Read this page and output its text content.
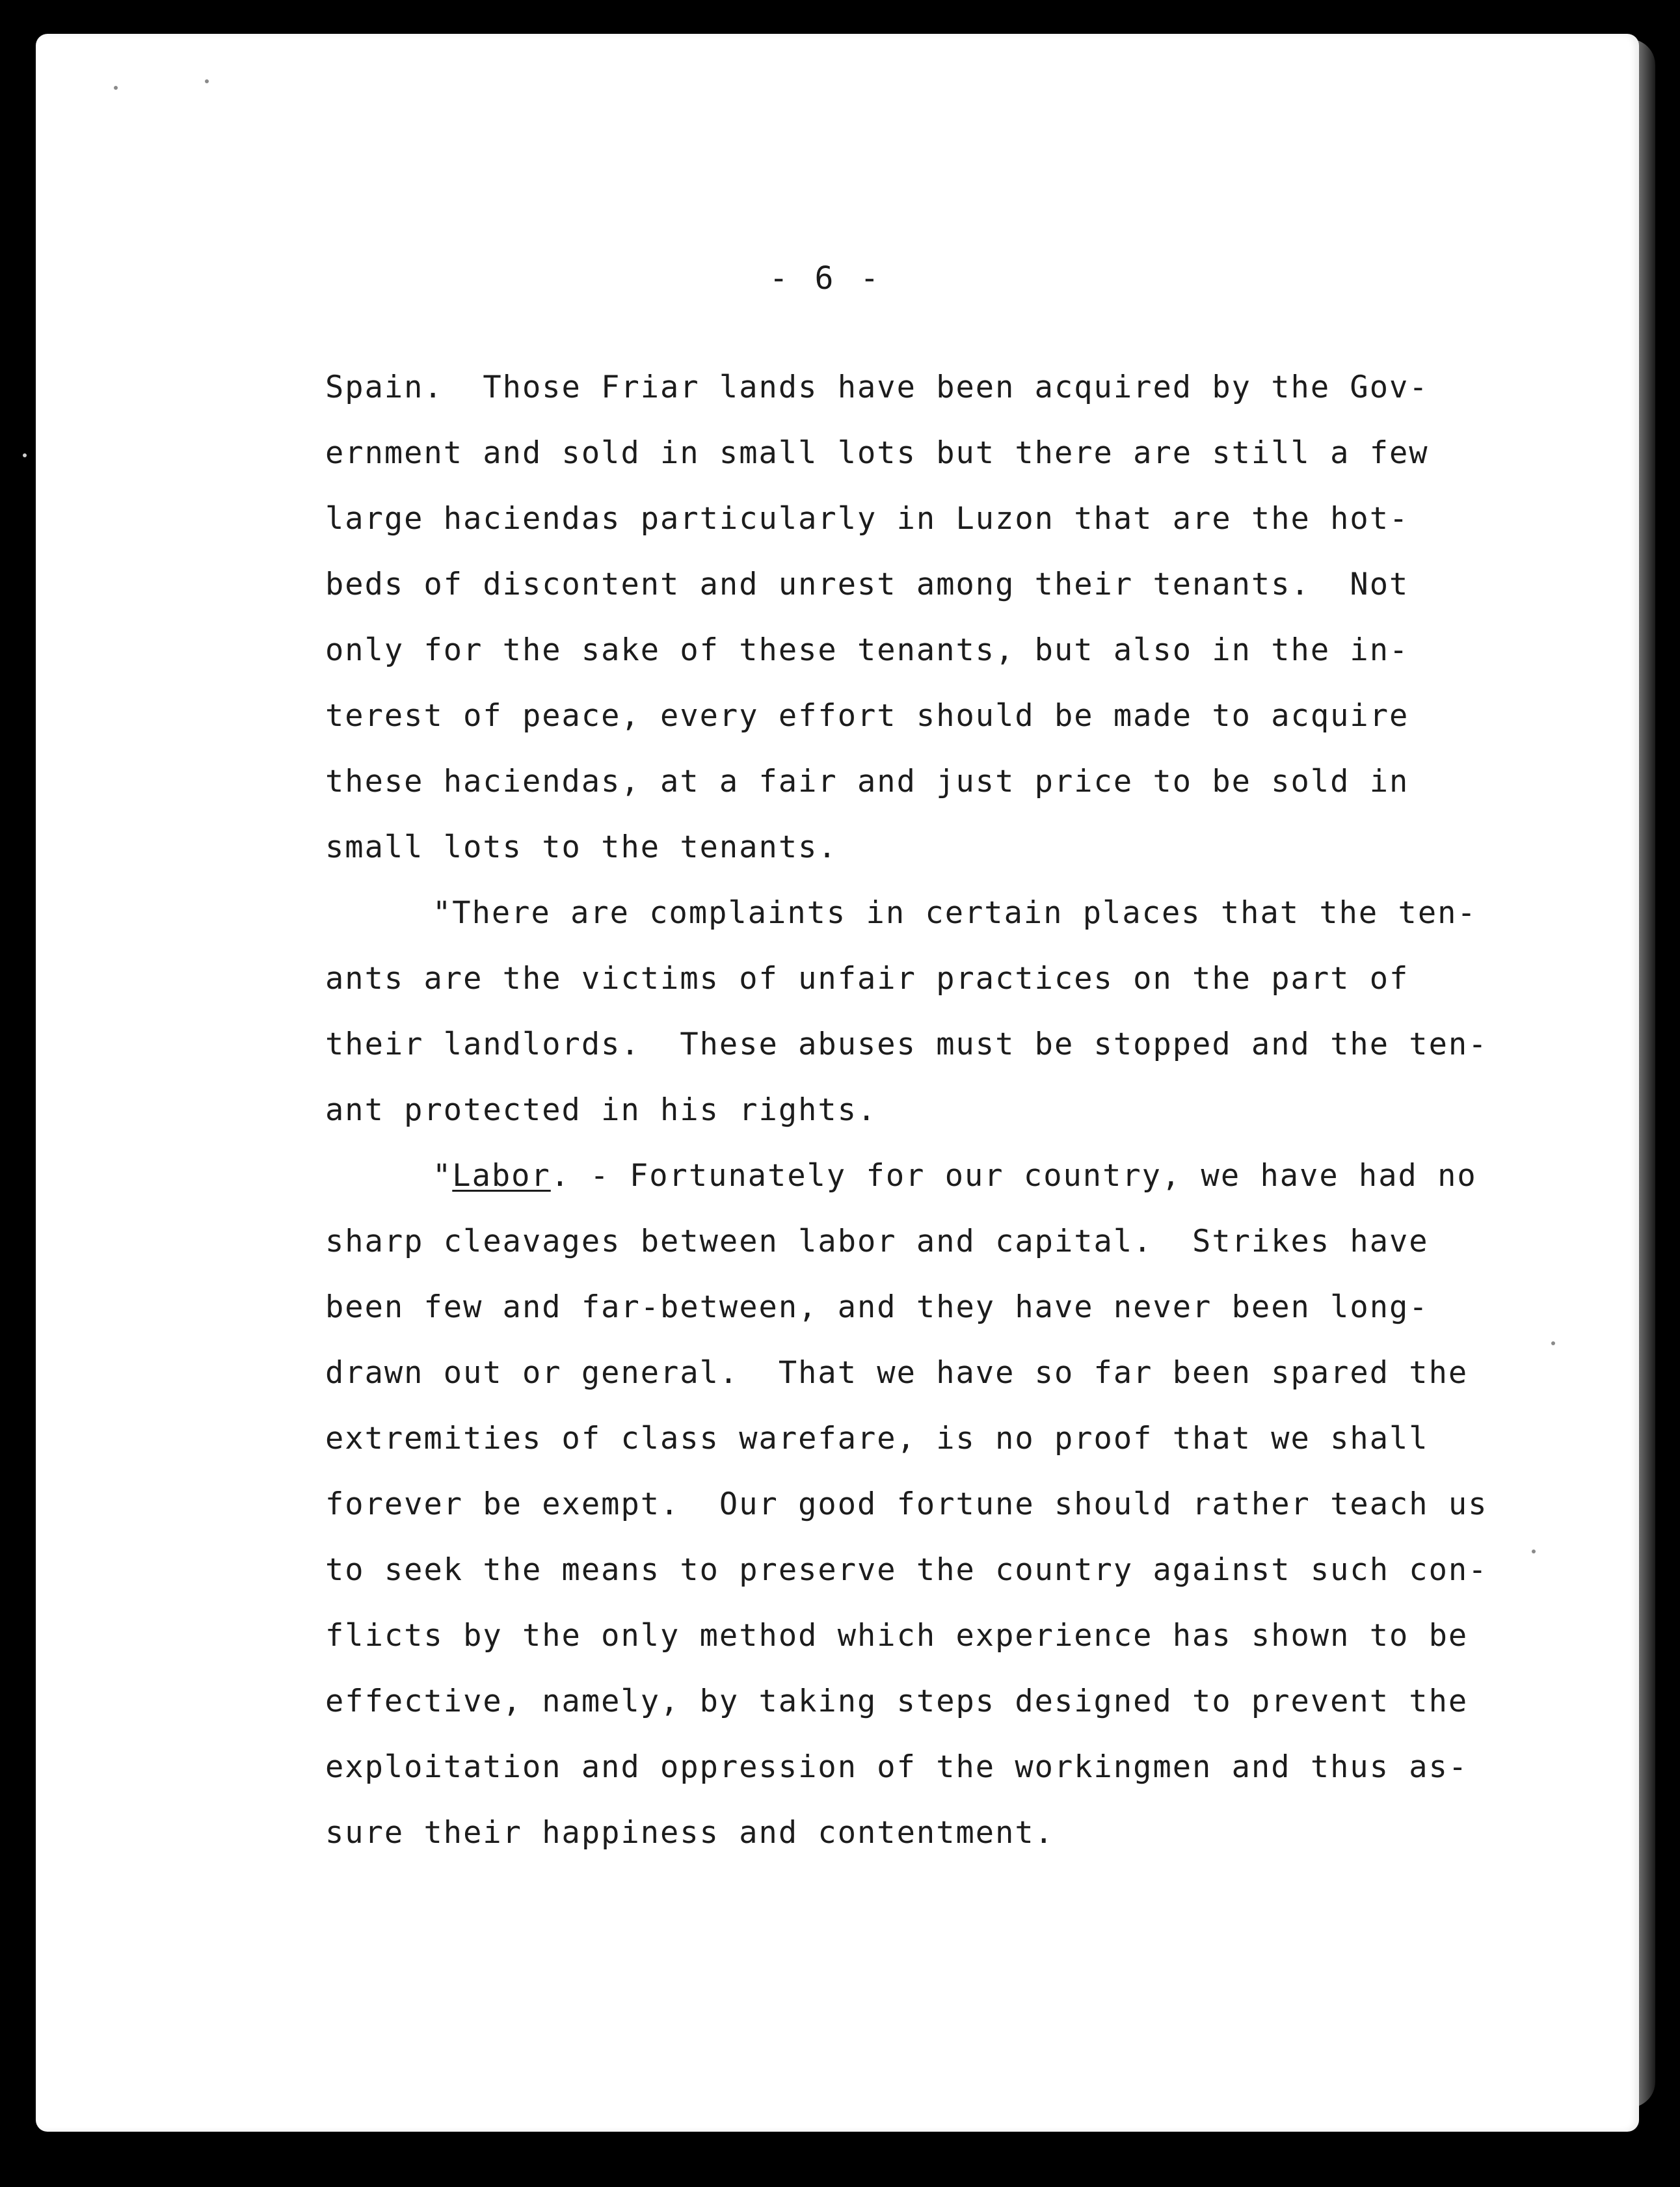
- 6 -

Spain.  Those Friar lands have been acquired by the Gov-
ernment and sold in small lots but there are still a few
large haciendas particularly in Luzon that are the hot-
beds of discontent and unrest among their tenants.  Not
only for the sake of these tenants, but also in the in-
terest of peace, every effort should be made to acquire
these haciendas, at a fair and just price to be sold in
small lots to the tenants.
"There are complaints in certain places that the ten-
ants are the victims of unfair practices on the part of
their landlords.  These abuses must be stopped and the ten-
ant protected in his rights.
"Labor. - Fortunately for our country, we have had no
sharp cleavages between labor and capital.  Strikes have
been few and far-between, and they have never been long-
drawn out or general.  That we have so far been spared the
extremities of class warefare, is no proof that we shall
forever be exempt.  Our good fortune should rather teach us
to seek the means to preserve the country against such con-
flicts by the only method which experience has shown to be
effective, namely, by taking steps designed to prevent the
exploitation and oppression of the workingmen and thus as-
sure their happiness and contentment.
